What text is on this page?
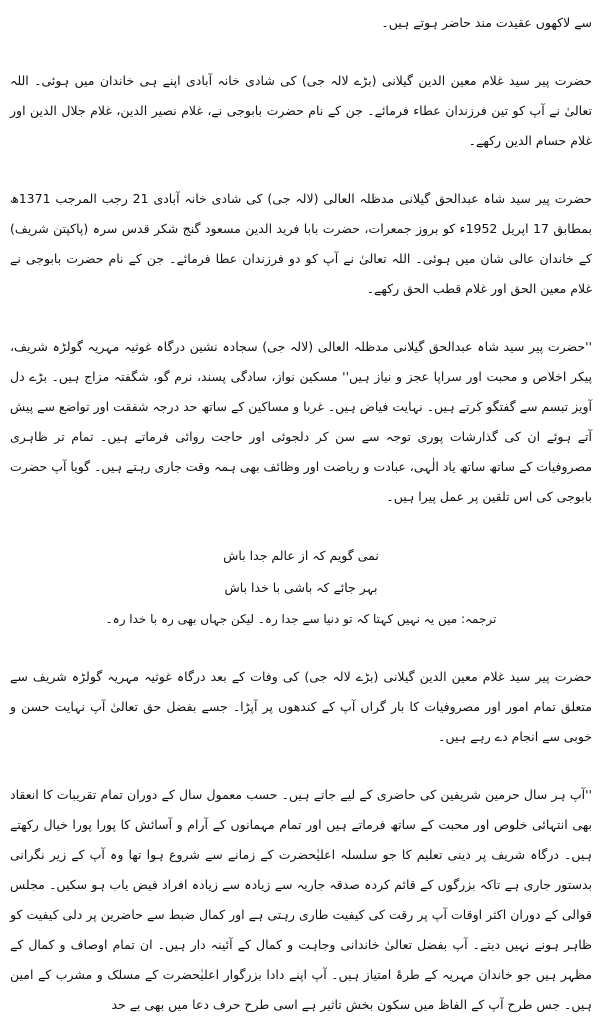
سے لاکھوں عقیدت مند حاضر ہوتے ہیں۔

حضرت پیر سید غلام معین الدین گیلانی (بڑے لالہ جی) کی شادی خانہ آبادی اپنے ہی خاندان میں ہوئی۔ اللہ تعالیٰ نے آپ کو تین فرزندان عطاء فرمائے۔ جن کے نام حضرت بابوجی نے، غلام نصیر الدین، غلام جلال الدین اور غلام حسام الدین رکھے۔

حضرت پیر سید شاہ عبدالحق گیلانی مدظلہ العالی (لالہ جی) کی شادی خانہ آبادی 21 رجب المرجب 1371ھ بمطابق 17 اپریل 1952ء کو بروز جمعرات، حضرت بابا فرید الدین مسعود گنج شکر قدس سرہ (پاکپتن شریف) کے خاندان عالی شان میں ہوئی۔ اللہ تعالیٰ نے آپ کو دو فرزندان عطا فرمائے۔ جن کے نام حضرت بابوجی نے غلام معین الحق اور غلام قطب الحق رکھے۔

''حضرت پیر سید شاہ عبدالحق گیلانی مدظلہ العالی (لالہ جی) سجادہ نشین درگاہ غوثیہ مہریہ گولڑہ شریف، پیکر اخلاص و محبت اور سراپا عجز و نیاز ہیں'' مسکین نواز، سادگی پسند، نرم گو، شگفتہ مزاج ہیں۔ بڑے دل آویز تبسم سے گفتگو کرتے ہیں۔ نہایت فیاض ہیں۔ غربا و مساکین کے ساتھ حد درجہ شفقت اور تواضع سے پیش آتے ہوئے ان کی گذارشات پوری توجہ سے سن کر دلجوئی اور حاجت روائی فرماتے ہیں۔ تمام تر ظاہری مصروفیات کے ساتھ ساتھ یاد الٰہی، عبادت و ریاضت اور وظائف بھی ہمہ وقت جاری رہتے ہیں۔ گویا آپ حضرت بابوجی کی اس تلقین پر عمل پیرا ہیں۔

نمی گویم کہ از عالم جدا باش
بہر جائے کہ باشی با خدا باش
ترجمہ: میں یہ نہیں کہتا کہ تو دنیا سے جدا رہ۔ لیکن جہاں بھی رہ با خدا رہ۔

حضرت پیر سید غلام معین الدین گیلانی (بڑے لالہ جی) کی وفات کے بعد درگاہ غوثیہ مہریہ گولڑہ شریف سے متعلق تمام امور اور مصروفیات کا بار گراں آپ کے کندھوں پر آپڑا۔ جسے بفضل حق تعالیٰ آپ نہایت حسن و خوبی سے انجام دے رہے ہیں۔

''آپ ہر سال حرمین شریفین کی حاضری کے لیے جاتے ہیں۔ حسب معمول سال کے دوران تمام تقریبات کا انعقاد بھی انتہائی خلوص اور محبت کے ساتھ فرماتے ہیں اور تمام مہمانوں کے آرام و آسائش کا پورا پورا خیال رکھتے ہیں۔ درگاہ شریف پر دینی تعلیم کا جو سلسلہ اعلیٰحضرت کے زمانے سے شروع ہوا تھا وہ آپ کے زیر نگرانی بدستور جاری ہے تاکہ بزرگوں کے قائم کردہ صدقہ جاریہ سے زیادہ سے زیادہ افراد فیض یاب ہو سکیں۔ مجلس قوالی کے دوران اکثر اوقات آپ پر رقت کی کیفیت طاری رہتی ہے اور کمال ضبط سے حاضرین پر دلی کیفیت کو ظاہر ہونے نہیں دیتے۔ آپ بفضل تعالیٰ خاندانی وجاہت و کمال کے آئینہ دار ہیں۔ ان تمام اوصاف و کمال کے مظہر ہیں جو خاندان مہریہ کے طرۂ امتیاز ہیں۔ آپ اپنے دادا بزرگوار اعلیٰحضرت کے مسلک و مشرب کے امین ہیں۔ جس طرح آپ کے الفاظ میں سکون بخش تاثیر ہے اسی طرح حرف دعا میں بھی بے حد
